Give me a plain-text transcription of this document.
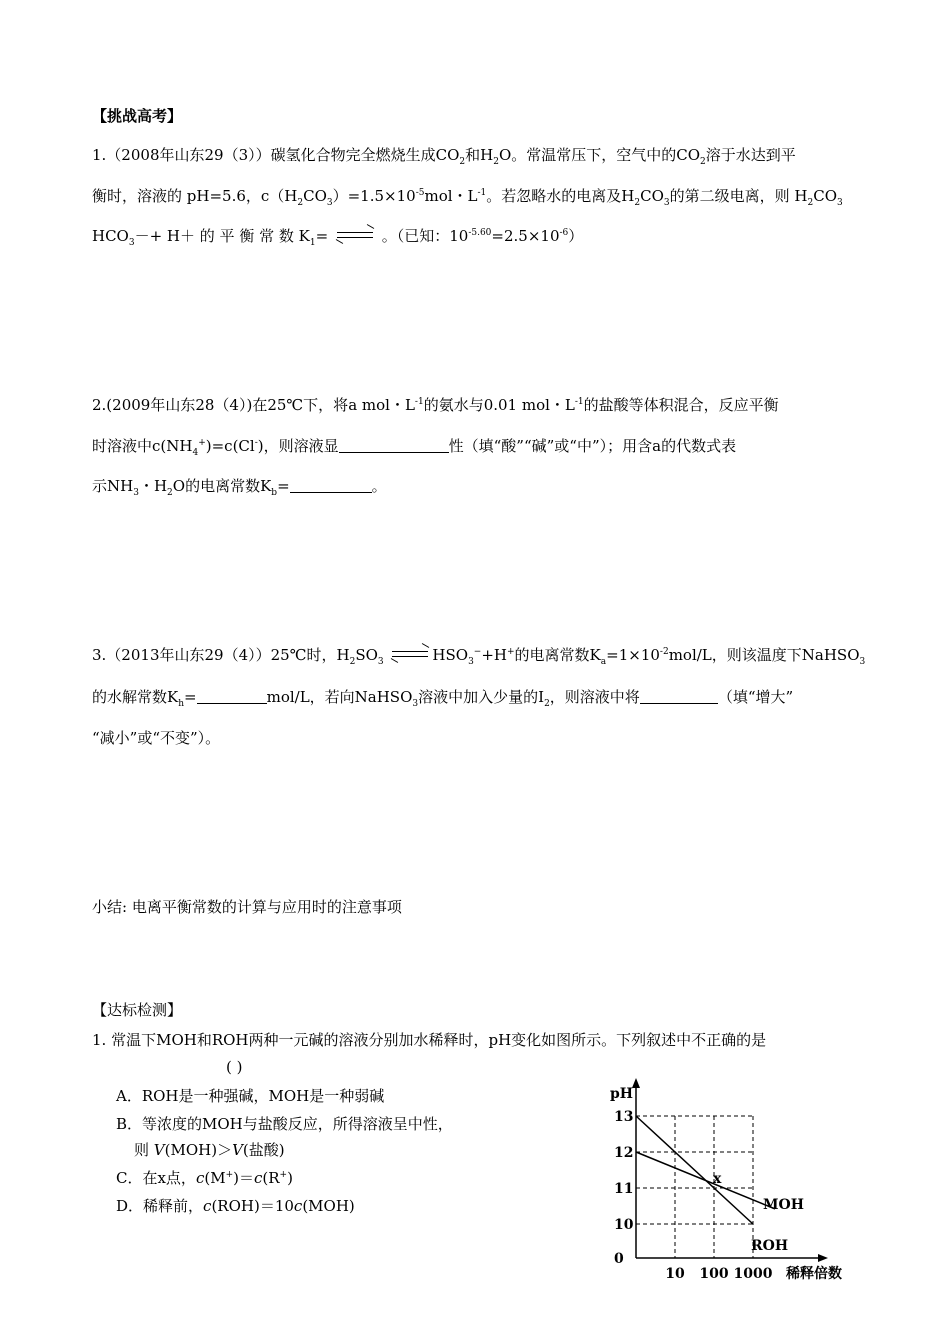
【挑战高考】
1.（2008年山东29（3））碳氢化合物完全燃烧生成$CO_2$和$H_2O$。常温常压下，空气中的$CO_2$溶于水达到平
衡时，溶液的 pH=5.6，$c(H_2CO_3)=1.5\times 10^{-5}mol$・$L^{-1}$。若忽略水的电离及$H_2CO_3$的第二级电离，则 $H_2CO_3$
$HCO_3-+ H+$ 的 平 衡 常 数 $K_1=$	。（已知：$10^{-5.60}=2.5\times 10^{-6}$）
2.(2009年山东28（4）)在25℃下，将a mol・$L^{-1}$的氨水与0.01 mol・$L^{-1}$的盐酸等体积混合，反应平衡
时溶液中$c(NH_4^+)=c(Cl^-)$，则溶液显	性（填“酸”“碱”或“中”）；用含a的代数式表
示$NH_3$・$H_2O$的电离常数$K_b=$	。
3.（2013年山东29（4））25℃时，$H_2SO_3$	$HSO_3^-+H^+$的电离常数$K_a=1\times 10^{-2}mol/L$，则该温度下NaHSO$_3$
的水解常数$K_h=$	mol/L，若向NaHSO$_3$溶液中加入少量的$I_2$，则溶液中将	（填“增大”
“减小”或“不变”）。
小结: 电离平衡常数的计算与应用时的注意事项
【达标检测】
1. 常温下MOH和ROH两种一元碱的溶液分别加水稀释时，pH变化如图所示。下列叙述中不正确的是
( )
A．ROH是一种强碱，MOH是一种弱碱
B．等浓度的MOH与盐酸反应，所得溶液呈中性，
则 V(MOH)＞V(盐酸)
C．在x点，c(M+)＝c(R+)
D．稀释前，c(ROH)＝10c(MOH)
pH
稀释倍数
13
12
11
10
0
10 100 1000
MOH
ROH
x
